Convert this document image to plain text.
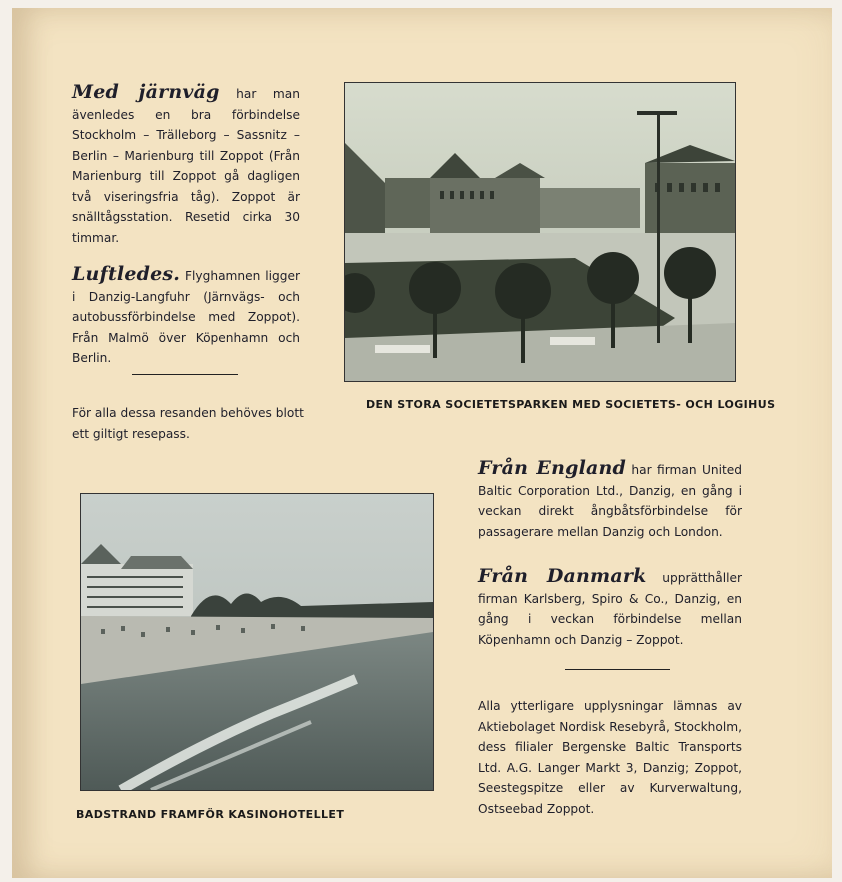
Med järnväg har man ävenledes en bra förbindelse Stockholm – Trälleborg – Sassnitz – Berlin – Marienburg till Zoppot (Från Marienburg till Zoppot gå dagligen två viseringsfria tåg). Zoppot är snälltågsstation. Resetid cirka 30 timmar.
Luftledes. Flyghamnen ligger i Danzig-Langfuhr (Järnvägs- och autobussförbindelse med Zoppot). Från Malmö över Köpenhamn och Berlin.
För alla dessa resanden behöves blott ett giltigt resepass.
DEN STORA SOCIETETSPARKEN MED SOCIETETS- OCH LOGIHUS
Från England har firman United Baltic Corporation Ltd., Danzig, en gång i veckan direkt ångbåtsförbindelse för passagerare mellan Danzig och London.
Från Danmark upprätthåller firman Karlsberg, Spiro & Co., Danzig, en gång i veckan förbindelse mellan Köpenhamn och Danzig – Zoppot.
Alla ytterligare upplysningar lämnas av Aktiebolaget Nordisk Resebyrå, Stockholm, dess filialer Bergenske Baltic Transports Ltd. A.G. Langer Markt 3, Danzig; Zoppot, Seestegspitze eller av Kurverwaltung, Ostseebad Zoppot.
BADSTRAND FRAMFÖR KASINOHOTELLET
